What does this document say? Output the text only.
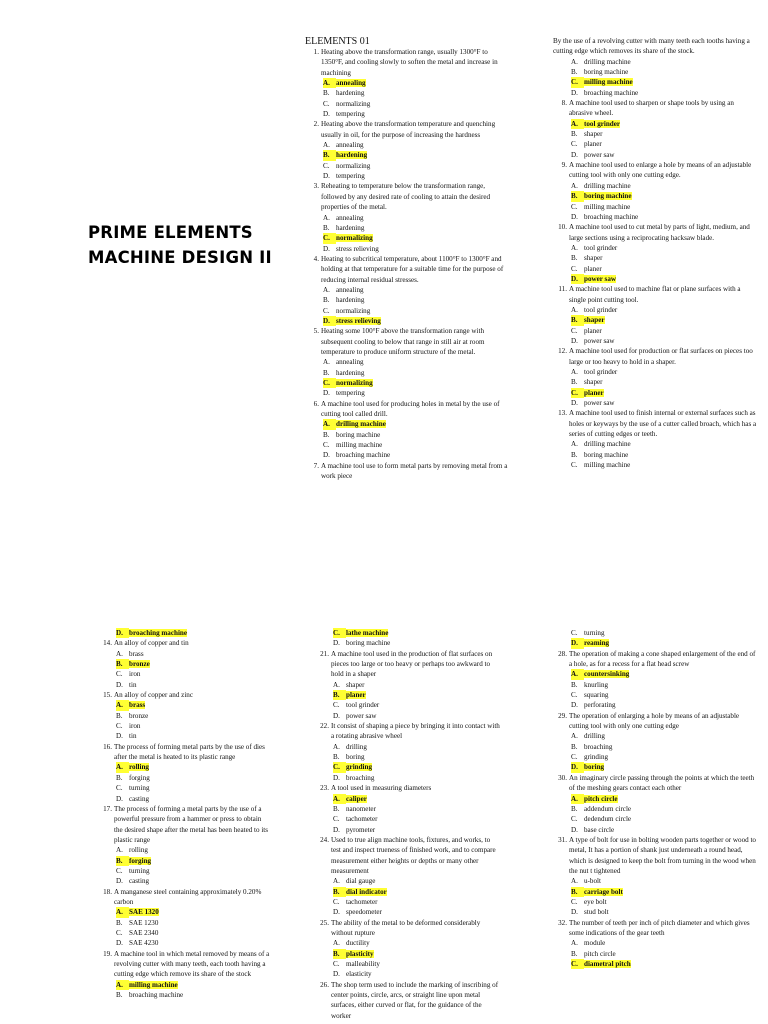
PRIME ELEMENTS
MACHINE DESIGN II
ELEMENTS 01
1. Heating above the transformation range, usually 1300°F to 1350°F, and cooling slowly to soften the metal and increase in machining
A. annealing
B. hardening
C. normalizing
D. tempering
2. Heating above the transformation temperature and quenching usually in oil, for the purpose of increasing the hardness
A. annealing
B. hardening
C. normalizing
D. tempering
3. Reheating to temperature below the transformation range, followed by any desired rate of cooling to attain the desired properties of the metal.
A. annealing
B. hardening
C. normalizing
D. stress relieving
4. Heating to subcritical temperature, about 1100°F to 1300°F and holding at that temperature for a suitable time for the purpose of reducing internal residual stresses.
A. annealing
B. hardening
C. normalizing
D. stress relieving
5. Heating some 100°F above the transformation range with subsequent cooling to below that range in still air at room temperature to produce uniform structure of the metal.
A. annealing
B. hardening
C. normalizing
D. tempering
6. A machine tool used for producing holes in metal by the use of cutting tool called drill.
A. drilling machine
B. boring machine
C. milling machine
D. broaching machine
7. A machine tool use to form metal parts by removing metal from a work piece
By the use of a revolving cutter with many teeth each tooths having a cutting edge which removes its share of the stock.
A. drilling machine
B. boring machine
C. milling machine
D. broaching machine
8. A machine tool used to sharpen or shape tools by using an abrasive wheel.
A. tool grinder
B. shaper
C. planer
D. power saw
9. A machine tool used to enlarge a hole by means of an adjustable cutting tool with only one cutting edge.
A. drilling machine
B. boring machine
C. milling machine
D. broaching machine
10. A machine tool used to cut metal by parts of light, medium, and large sections using a reciprocating hacksaw blade.
A. tool grinder
B. shaper
C. planer
D. power saw
11. A machine tool used to machine flat or plane surfaces with a single point cutting tool.
A. tool grinder
B. shaper
C. planer
D. power saw
12. A machine tool used for production or flat surfaces on pieces too large or too heavy to hold in a shaper.
A. tool grinder
B. shaper
C. planer
D. power saw
13. A machine tool used to finish internal or external surfaces such as holes or keyways by the use of a cutter called broach, which has a series of cutting edges or teeth.
A. drilling machine
B. boring machine
C. milling machine
D. broaching machine
14. An alloy of copper and tin
A. brass
B. bronze
C. iron
D. tin
15. An alloy of copper and zinc
A. brass
B. bronze
C. iron
D. tin
16. The process of forming metal parts by the use of dies after the metal is heated to its plastic range
A. rolling
B. forging
C. turning
D. casting
17. The process of forming a metal parts by the use of a powerful pressure from a hammer or press to obtain the desired shape after the metal has been heated to its plastic range
A. rolling
B. forging
C. turning
D. casting
18. A manganese steel containing approximately 0.20% carbon
A. SAE 1320
B. SAE 1230
C. SAE 2340
D. SAE 4230
19. A machine tool in which metal removed by means of a revolving cutter with many teeth, each tooth having a cutting edge which remove its share of the stock
A. milling machine
B. broaching machine
C. lathe machine
D. boring machine
21. A machine tool used in the production of flat surfaces on pieces too large or too heavy or perhaps too awkward to hold in a shaper
A. shaper
B. planer
C. tool grinder
D. power saw
22. It consist of shaping a piece by bringing it into contact with a rotating abrasive wheel
A. drilling
B. boring
C. grinding
D. broaching
23. A tool used in measuring diameters
A. caliper
B. nanometer
C. tachometer
D. pyrometer
24. Used to true align machine tools, fixtures, and works, to test and inspect trueness of finished work, and to compare measurement either heights or depths or many other measurement
A. dial gauge
B. dial indicator
C. tachometer
D. speedometer
25. The ability of the metal to be deformed considerably without rupture
A. ductility
B. plasticity
C. malleability
D. elasticity
26. The shop term used to include the marking of inscribing of center points, circle, arcs, or straight line upon metal surfaces, either curved or flat, for the guidance of the worker
C. turning
D. reaming
28. The operation of making a cone shaped enlargement of the end of a hole, as for a recess for a flat head screw
A. countersinking
B. knurling
C. squaring
D. perforating
29. The operation of enlarging a hole by means of an adjustable cutting tool with only one cutting edge
A. drilling
B. broaching
C. grinding
D. boring
30. An imaginary circle passing through the points at which the teeth of the meshing gears contact each other
A. pitch circle
B. addendum circle
C. dedendum circle
D. base circle
31. A type of bolt for use in bolting wooden parts together or wood to metal, It has a portion of shank just underneath a round head, which is designed to keep the bolt from turning in the wood when the nut t tightened
A. u-bolt
B. carriage bolt
C. eye bolt
D. stud bolt
32. The number of teeth per inch of pitch diameter and which gives some indications of the gear teeth
A. module
B. pitch circle
C. diametral pitch
